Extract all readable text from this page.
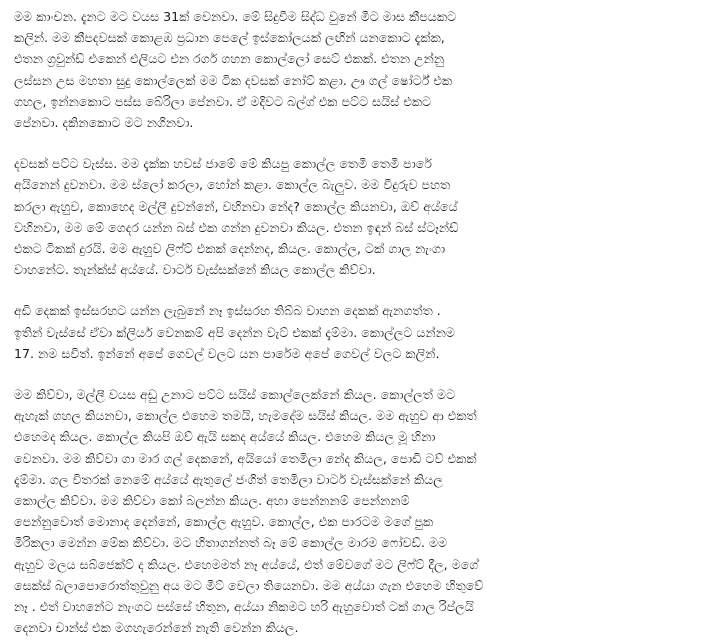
මම කාංචන. දැනට මට වයස 31ක් වෙනවා. මේ සිදුවීම සිද්ධ වුනේ මීට මාස කීපයකට
කලින්. මම කීපදවසක් කොළඹ ප්‍රධාන පෙලේ ඉස්කෝලයක් ලඟින් යනකොට දැක්ක,
එතන ග්‍රවුන්ඩ් එකෙන් එලියට එන රගර් ගහන කොල්ලෝ සෙට් එකක්. එතන උන්නු
ලස්සන උස මහතා සුදු කොල්ලෙක් මම ටික දවසක් නෝට් කළා. ඌ ගල් ෂෝර්ට් එක
ගහල, ඉන්නකොට පස්ස බේරිලා පේනවා. ඒ මදිවට බල්ග් එක පට්ට සයිස් එකට
පේනවා. දකිනකොට මට නගිනවා.
දවසක් පට්ට වැස්ස. මම දැක්ක හවස් ජාමේ මේ කියපු කොල්ල තෙමී තෙමී පාරේ
අයිනෙන් දුවනවා. මම ස්ලෝ කරලා, හෝන් කළා. කොල්ල බැලුව. මම වීදුරුව පහත
කරලා ඇහුව, කොහෙද මල්ලී දුවන්නේ, වහිනවා නේද? කොල්ල කියනවා, ඔව් අය්යේ
වහිනවා, මම මේ ගෙදර යන්න බස් එක ගන්න දුවනවා කියල. එතන ඉඳන් බස් ස්ටෑන්ඩ්
එකට ටිකක් දුරයි. මම ඇහුව ලිෆ්ට් එකක් දෙන්නද, කියල. කොල්ල, ටක් ගාල නැංගා
වාහනේට. තැන්ක්ස් අය්යේ. වාටර් වැස්සක්නේ කියල කොල්ල කිව්වා.
අඩි දෙකක් ඉස්සරහට යන්න ලැබුනේ නෑ ඉස්සරහ තිබ්බ වාහන දෙකක් ඇනගත්ත .
ඉතින් වැස්සේ ඒවා ක්ලියර් වෙනකම් අපි දෙන්න වැට් එකක් දැම්මා. කොල්ලට යන්නම
17. නම සවිත්. ඉන්නේ අපේ ගෙවල් වලට යන පාරේම අපේ ගෙවල් වලට කලින්.
මම කිව්වා, මල්ලී වයස අඩු උනාට පට්ට සයිස් කොල්ලෙක්නේ කියල. කොල්ලත් මට
ඇහැක් ගහල කියනවා, කොල්ල එහෙම තමයි, හැමදේම සයිස් කියල. මම ඇහුව ආ එකත්
එහෙමද කියල. කොල්ල කියපි ඔව් ඇයි සකද අය්යේ කියල. එහෙම කියල මූ හිනා
වෙනවා. මම කිව්වා ගා මාර ගල් දෙකනේ, අයියෝ තෙමිලා නේද කියල, පොඩි ටව් එකක්
දැම්මා. ගල විතරක් නෙමේ අය්යේ ඇතුලේ ජංගිත් තෙමිලා වාටර් වැස්සක්නේ කියල
කොල්ල කිව්වා. මම කිව්වා කෝ බලන්න කියල. අහා පෙන්නනම් පෙන්නනම්
පෙන්නුවොත් මොනාද දෙන්නේ, කොල්ල ඇහුව. කොල්ල, එක පාරටම මගේ පුක
මිරිකලා මෙන්න මේක කිව්වා. මට හිතාගන්නත් බෑ මේ කොල්ල මාරම ෆෝවඩ්. මම
ඇහුව මලය සබ්ජෙක්ට් ද කියල. එහෙමමත් නෑ අය්යේ, එත් මේවගේ මට ලිෆ්ට් දීල, මගේ
සෙක්ස් බලාපොරොත්තුවුනු අය මට මීට් වෙලා තියෙනවා. මම අය්යා ගැන එහෙම හිතුවේ
නෑ . එත් වාහනේට නැංගට පස්සේ හිතුන, අය්යා නිකමට හරි ඇහුවොත් ටක් ගාල රිප්ලයි
දෙනවා චාන්ස් එක මගහැරෙන්නේ නැති වෙන්න කියල.
